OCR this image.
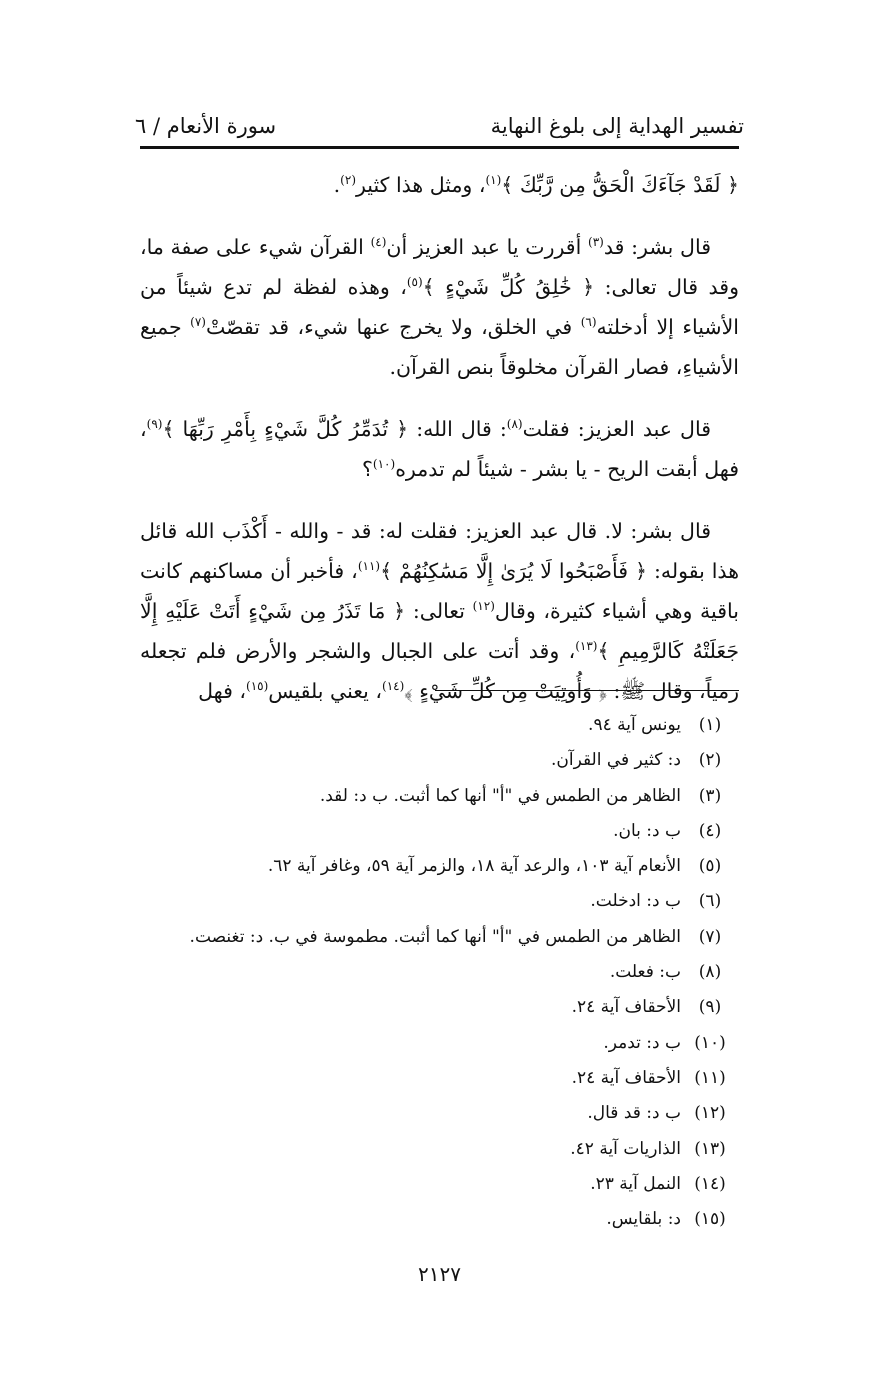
تفسير الهداية إلى بلوغ النهاية
سورة الأنعام / ٦

﴿ لَقَدْ جَآءَكَ الْحَقُّ مِن رَّبِّكَ ﴾$^{(١)}$، ومثل هذا كثير$^{(٢)}$.

قال بشر: قد$^{(٣)}$ أقررت يا عبد العزيز أن$^{(٤)}$ القرآن شيء على صفة ما، وقد قال تعالى: ﴿ خَٰلِقُ كُلِّ شَيْءٍ ﴾$^{(٥)}$، وهذه لفظة لم تدع شيئاً من الأشياء إلا أدخلته$^{(٦)}$ في الخلق، ولا يخرج عنها شيء، قد تقصّتْ$^{(٧)}$ جميع الأشياءِ، فصار القرآن مخلوقاً بنص القرآن.

قال عبد العزيز: فقلت$^{(٨)}$: قال الله: ﴿ تُدَمِّرُ كُلَّ شَيْءٍ بِأَمْرِ رَبِّهَا ﴾$^{(٩)}$، فهل أبقت الريح - يا بشر - شيئاً لم تدمره$^{(١٠)}$؟

قال بشر: لا. قال عبد العزيز: فقلت له: قد - والله - أَكْذَب الله قائل هذا بقوله: ﴿ فَأَصْبَحُوا لَا يُرَىٰ إِلَّا مَسَٰكِنُهُمْ ﴾$^{(١١)}$، فأخبر أن مساكنهم كانت باقية وهي أشياء كثيرة، وقال$^{(١٢)}$ تعالى: ﴿ مَا تَذَرُ مِن شَيْءٍ أَتَتْ عَلَيْهِ إِلَّا جَعَلَتْهُ كَالرَّمِيمِ ﴾$^{(١٣)}$، وقد أتت على الجبال والشجر والأرض فلم تجعله رمياً، وقال ﷺ: ﴿ وَأُوتِيَتْ مِن كُلِّ شَيْءٍ ﴾$^{(١٤)}$، يعني بلقيس$^{(١٥)}$، فهل

(١)يونس آية ٩٤.
(٢)د: كثير في القرآن.
(٣)الظاهر من الطمس في "أ" أنها كما أثبت. ب د: لقد.
(٤)ب د: بان.
(٥)الأنعام آية ١٠٣، والرعد آية ١٨، والزمر آية ٥٩، وغافر آية ٦٢.
(٦)ب د: ادخلت.
(٧)الظاهر من الطمس في "أ" أنها كما أثبت. مطموسة في ب. د: تغنصت.
(٨)ب: فعلت.
(٩)الأحقاف آية ٢٤.
(١٠)ب د: تدمر.
(١١)الأحقاف آية ٢٤.
(١٢)ب د: قد قال.
(١٣)الذاريات آية ٤٢.
(١٤)النمل آية ٢٣.
(١٥)د: بلقايس.
٢١٢٧
